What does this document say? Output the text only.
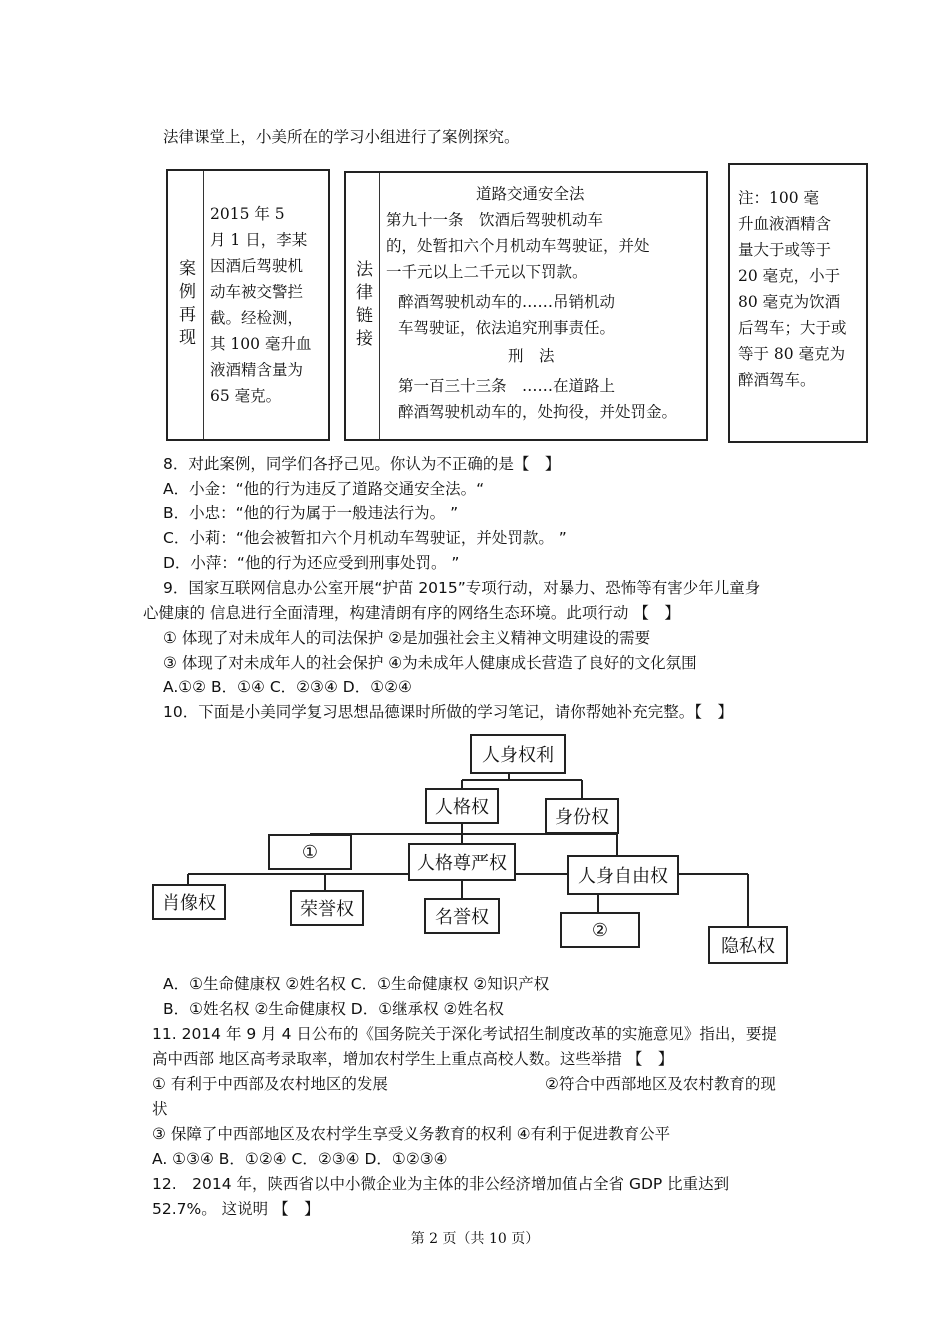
法律课堂上，小美所在的学习小组进行了案例探究。
案例再现
2015 年 5
月 1 日，李某
因酒后驾驶机
动车被交警拦
截。经检测，
其 100 毫升血
液酒精含量为
65 毫克。
法律链接
道路交通安全法
第九十一条　饮酒后驾驶机动车
的，处暂扣六个月机动车驾驶证，并处
一千元以上二千元以下罚款。
醉酒驾驶机动车的……吊销机动
车驾驶证，依法追究刑事责任。
刑　法
第一百三十三条　……在道路上
醉酒驾驶机动车的，处拘役，并处罚金。
注：100 毫
升血液酒精含
量大于或等于
20 毫克，小于
80 毫克为饮酒
后驾车；大于或
等于 80 毫克为
醉酒驾车。
8．对此案例，同学们各抒己见。你认为不正确的是【　】
A．小金：“他的行为违反了道路交通安全法。“
B．小忠：“他的行为属于一般违法行为。 ”
C．小莉：“他会被暂扣六个月机动车驾驶证，并处罚款。 ”
D．小萍：“他的行为还应受到刑事处罚。 ”
9．国家互联网信息办公室开展“护苗 2015”专项行动，对暴力、恐怖等有害少年儿童身
心健康的 信息进行全面清理，构建清朗有序的网络生态环境。此项行动 【　】
① 体现了对未成年人的司法保护 ②是加强社会主义精神文明建设的需要
③ 体现了对未成年人的社会保护 ④为未成年人健康成长营造了良好的文化氛围
A.①② B．①④ C．②③④ D．①②④
10．下面是小美同学复习思想品德课时所做的学习笔记，请你帮她补充完整。【　】
人身权利
人格权	身份权
①
人格尊严权
人身自由权
肖像权	荣誉权	名誉权
②
隐私权
A．①生命健康权 ②姓名权 C．①生命健康权 ②知识产权
B．①姓名权 ②生命健康权 D．①继承权 ②姓名权
11. 2014 年 9 月 4 日公布的《国务院关于深化考试招生制度改革的实施意见》指出，要提
高中西部 地区高考录取率，增加农村学生上重点高校人数。这些举措 【　】
① 有利于中西部及农村地区的发展	②符合中西部地区及农村教育的现
状
③ 保障了中西部地区及农村学生享受义务教育的权利 ④有利于促进教育公平
A. ①③④ B．①②④ C．②③④ D．①②③④
12.　2014 年，陕西省以中小微企业为主体的非公经济增加值占全省 GDP 比重达到
52.7%。 这说明 【　】
第 2 页（共 10 页）
